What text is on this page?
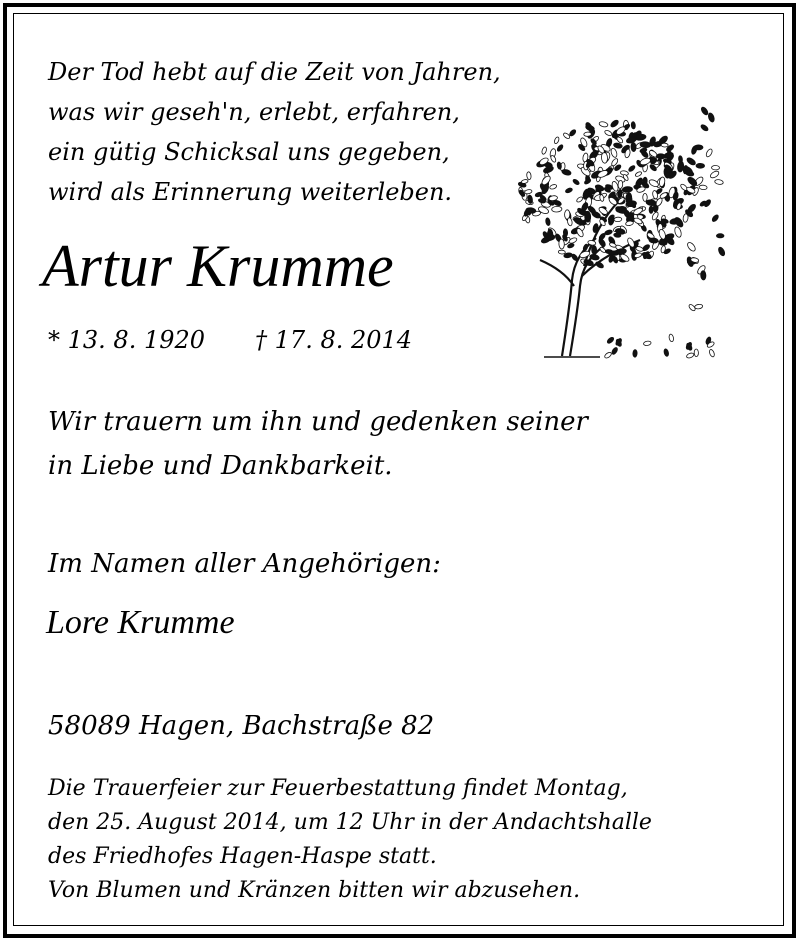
Der Tod hebt auf die Zeit von Jahren,
was wir geseh'n, erlebt, erfahren,
ein gütig Schicksal uns gegeben,
wird als Erinnerung weiterleben.
Artur Krumme
* 13. 8. 1920 † 17. 8. 2014
Wir trauern um ihn und gedenken seiner
in Liebe und Dankbarkeit.
Im Namen aller Angehörigen:
Lore Krumme
58089 Hagen, Bachstraße 82
Die Trauerfeier zur Feuerbestattung findet Montag,
den 25. August 2014, um 12 Uhr in der Andachtshalle
des Friedhofes Hagen-Haspe statt.
Von Blumen und Kränzen bitten wir abzusehen.
